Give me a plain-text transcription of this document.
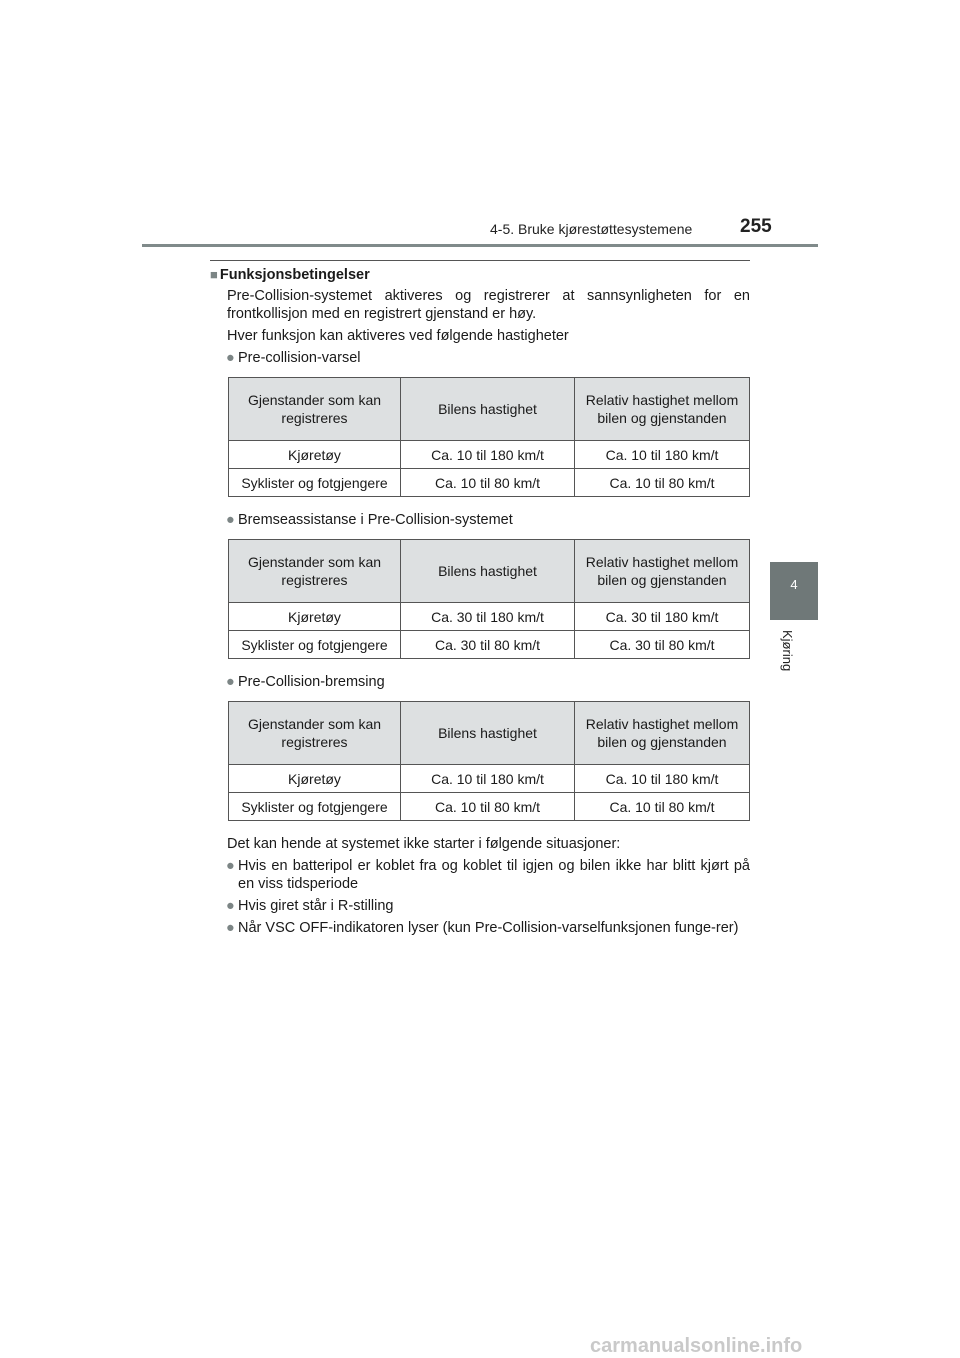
4-5. Bruke kjørestøttesystemene	255
4
Kjøring
■ Funksjonsbetingelser
Pre-Collision-systemet aktiveres og registrerer at sannsynligheten for en frontkollisjon med en registrert gjenstand er høy.
Hver funksjon kan aktiveres ved følgende hastigheter
● Pre-collision-varsel
Gjenstander som kan registreres	Bilens hastighet	Relativ hastighet mellom bilen og gjenstanden
Kjøretøy	Ca. 10 til 180 km/t	Ca. 10 til 180 km/t
Syklister og fotgjengere	Ca. 10 til 80 km/t	Ca. 10 til 80 km/t
● Bremseassistanse i Pre-Collision-systemet
Gjenstander som kan registreres	Bilens hastighet	Relativ hastighet mellom bilen og gjenstanden
Kjøretøy	Ca. 30 til 180 km/t	Ca. 30 til 180 km/t
Syklister og fotgjengere	Ca. 30 til 80 km/t	Ca. 30 til 80 km/t
● Pre-Collision-bremsing
Gjenstander som kan registreres	Bilens hastighet	Relativ hastighet mellom bilen og gjenstanden
Kjøretøy	Ca. 10 til 180 km/t	Ca. 10 til 180 km/t
Syklister og fotgjengere	Ca. 10 til 80 km/t	Ca. 10 til 80 km/t
Det kan hende at systemet ikke starter i følgende situasjoner:
● Hvis en batteripol er koblet fra og koblet til igjen og bilen ikke har blitt kjørt på en viss tidsperiode
● Hvis giret står i R-stilling
● Når VSC OFF-indikatoren lyser (kun Pre-Collision-varselfunksjonen funge-rer)
carmanualsonline.info
